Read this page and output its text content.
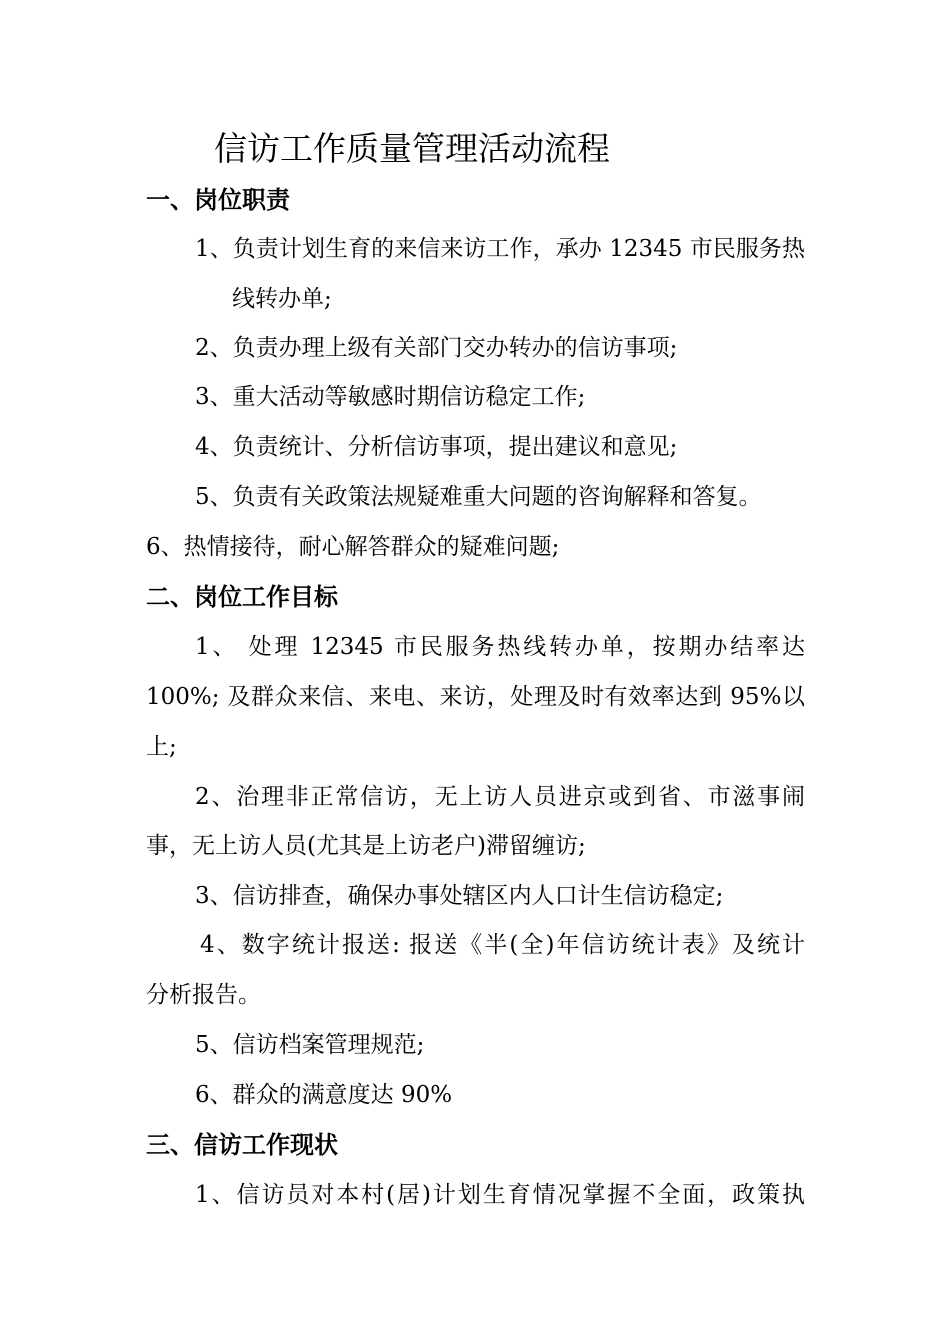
信访工作质量管理活动流程
一、岗位职责
1、负责计划生育的来信来访工作，承办 12345 市民服务热
线转办单;
2、负责办理上级有关部门交办转办的信访事项;
3、重大活动等敏感时期信访稳定工作;
4、负责统计、分析信访事项，提出建议和意见;
5、负责有关政策法规疑难重大问题的咨询解释和答复。
6、热情接待，耐心解答群众的疑难问题;
二、岗位工作目标
1、 处理 12345 市民服务热线转办单，按期办结率达
100%; 及群众来信、来电、来访，处理及时有效率达到 95%以
上;
2、治理非正常信访，无上访人员进京或到省、市滋事闹
事，无上访人员(尤其是上访老户)滞留缠访;
3、信访排查，确保办事处辖区内人口计生信访稳定;
4、数字统计报送: 报送《半(全)年信访统计表》及统计
分析报告。
5、信访档案管理规范;
6、群众的满意度达 90%
三、信访工作现状
1、信访员对本村(居)计划生育情况掌握不全面，政策执
